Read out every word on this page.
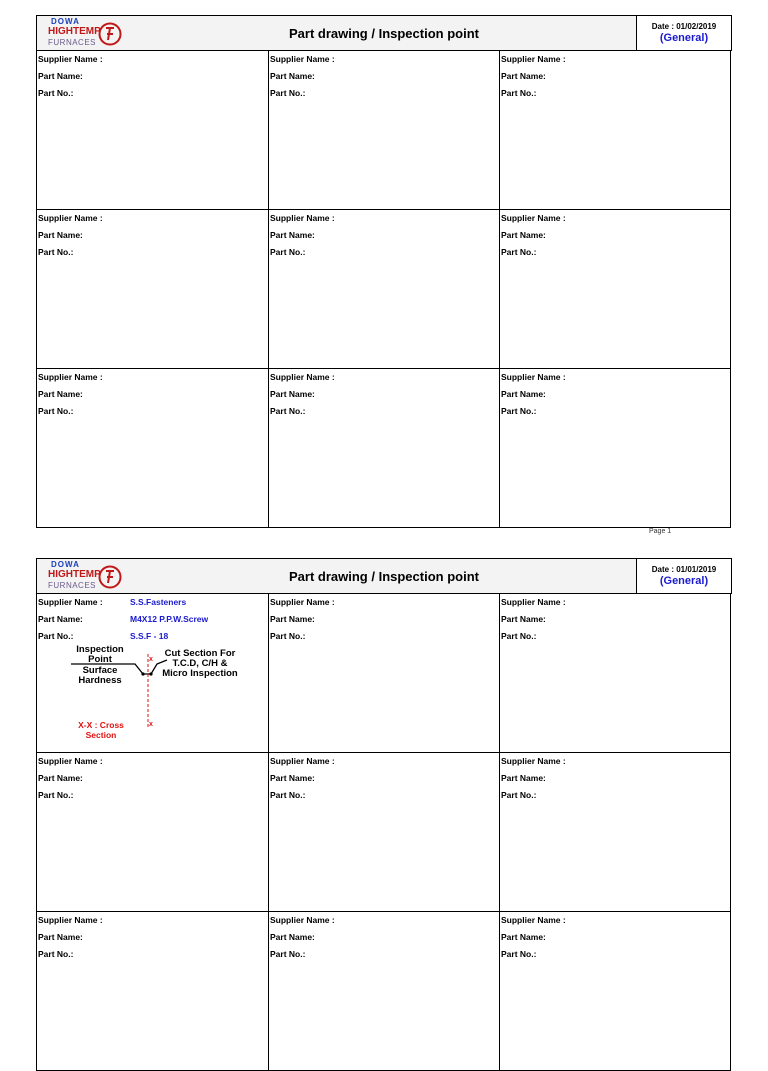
DOWA
HIGHTEMP
FURNACES
Part drawing / Inspection point	Date : 01/02/2019
(General)
Supplier Name :
Part Name:
Part No.:
Supplier Name :
Part Name:
Part No.:
Supplier Name :
Part Name:
Part No.:
Supplier Name :
Part Name:
Part No.:
Supplier Name :
Part Name:
Part No.:
Supplier Name :
Part Name:
Part No.:
Supplier Name :
Part Name:
Part No.:
Supplier Name :
Part Name:
Part No.:
Supplier Name :
Part Name:
Part No.:
Page 1
DOWA
HIGHTEMP
FURNACES
Part drawing / Inspection point	Date : 01/01/2019
(General)
Supplier Name :	S.S.Fasteners
Part Name:	M4X12 P.P.W.Screw
Part No.:	S.S.F - 18
Inspection Point
Surface Hardness
Cut Section For T.C.D, C/H & Micro Inspection
X-X : Cross Section
x
x
Supplier Name :
Part Name:
Part No.:
Supplier Name :
Part Name:
Part No.:
Supplier Name :
Part Name:
Part No.:
Supplier Name :
Part Name:
Part No.:
Supplier Name :
Part Name:
Part No.:
Supplier Name :
Part Name:
Part No.:
Supplier Name :
Part Name:
Part No.:
Supplier Name :
Part Name:
Part No.:
